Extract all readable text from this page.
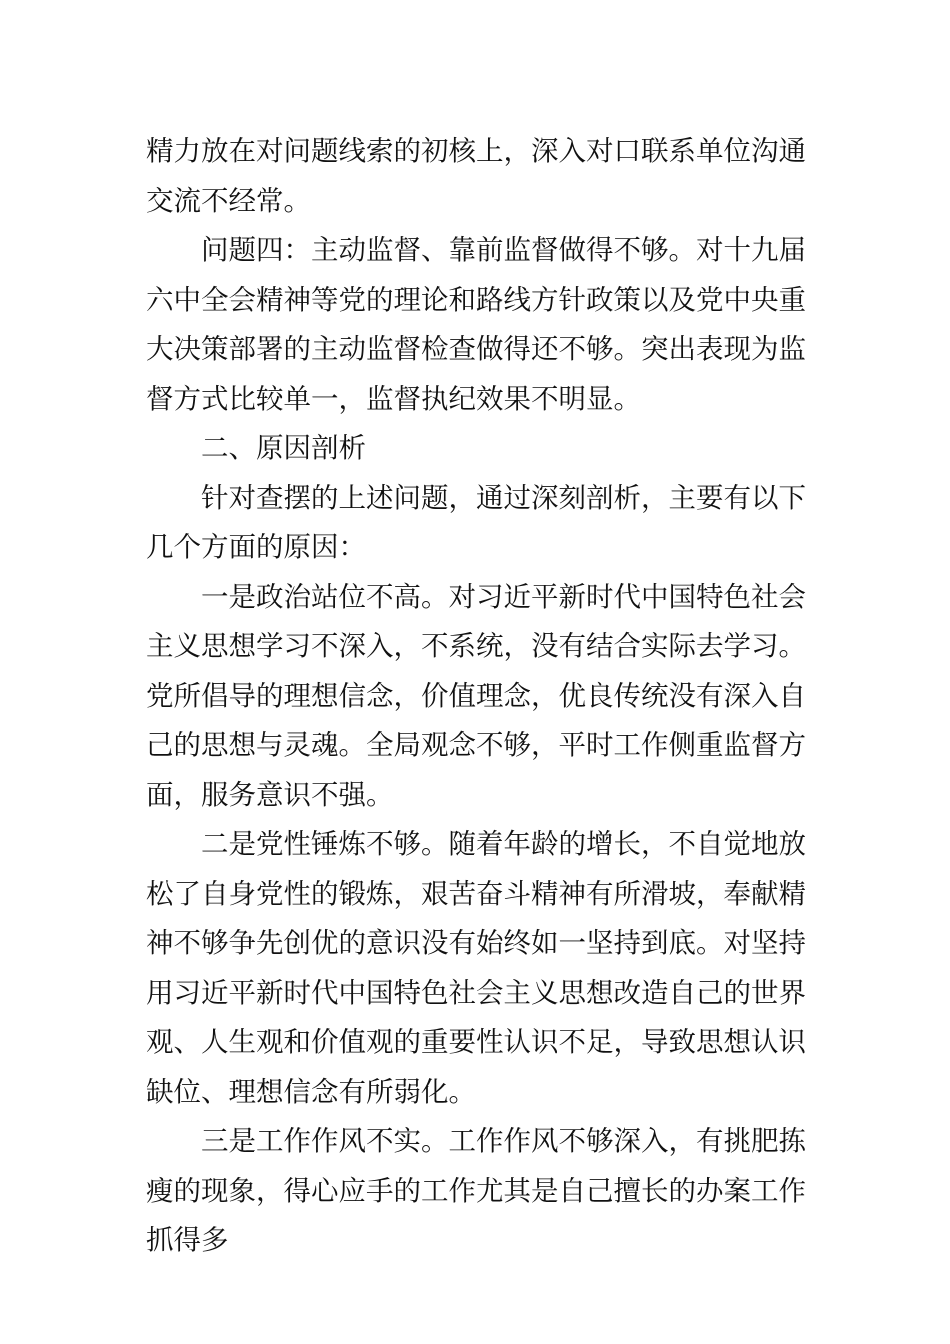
精力放在对问题线索的初核上，深入对口联系单位沟通交流不经常。

问题四：主动监督、靠前监督做得不够。对十九届六中全会精神等党的理论和路线方针政策以及党中央重大决策部署的主动监督检查做得还不够。突出表现为监督方式比较单一，监督执纪效果不明显。

二、原因剖析

针对查摆的上述问题，通过深刻剖析，主要有以下几个方面的原因：

一是政治站位不高。对习近平新时代中国特色社会主义思想学习不深入，不系统，没有结合实际去学习。党所倡导的理想信念，价值理念，优良传统没有深入自己的思想与灵魂。全局观念不够，平时工作侧重监督方面，服务意识不强。

二是党性锤炼不够。随着年龄的增长，不自觉地放松了自身党性的锻炼，艰苦奋斗精神有所滑坡，奉献精神不够争先创优的意识没有始终如一坚持到底。对坚持用习近平新时代中国特色社会主义思想改造自己的世界观、人生观和价值观的重要性认识不足，导致思想认识缺位、理想信念有所弱化。

三是工作作风不实。工作作风不够深入，有挑肥拣瘦的现象，得心应手的工作尤其是自己擅长的办案工作抓得多
